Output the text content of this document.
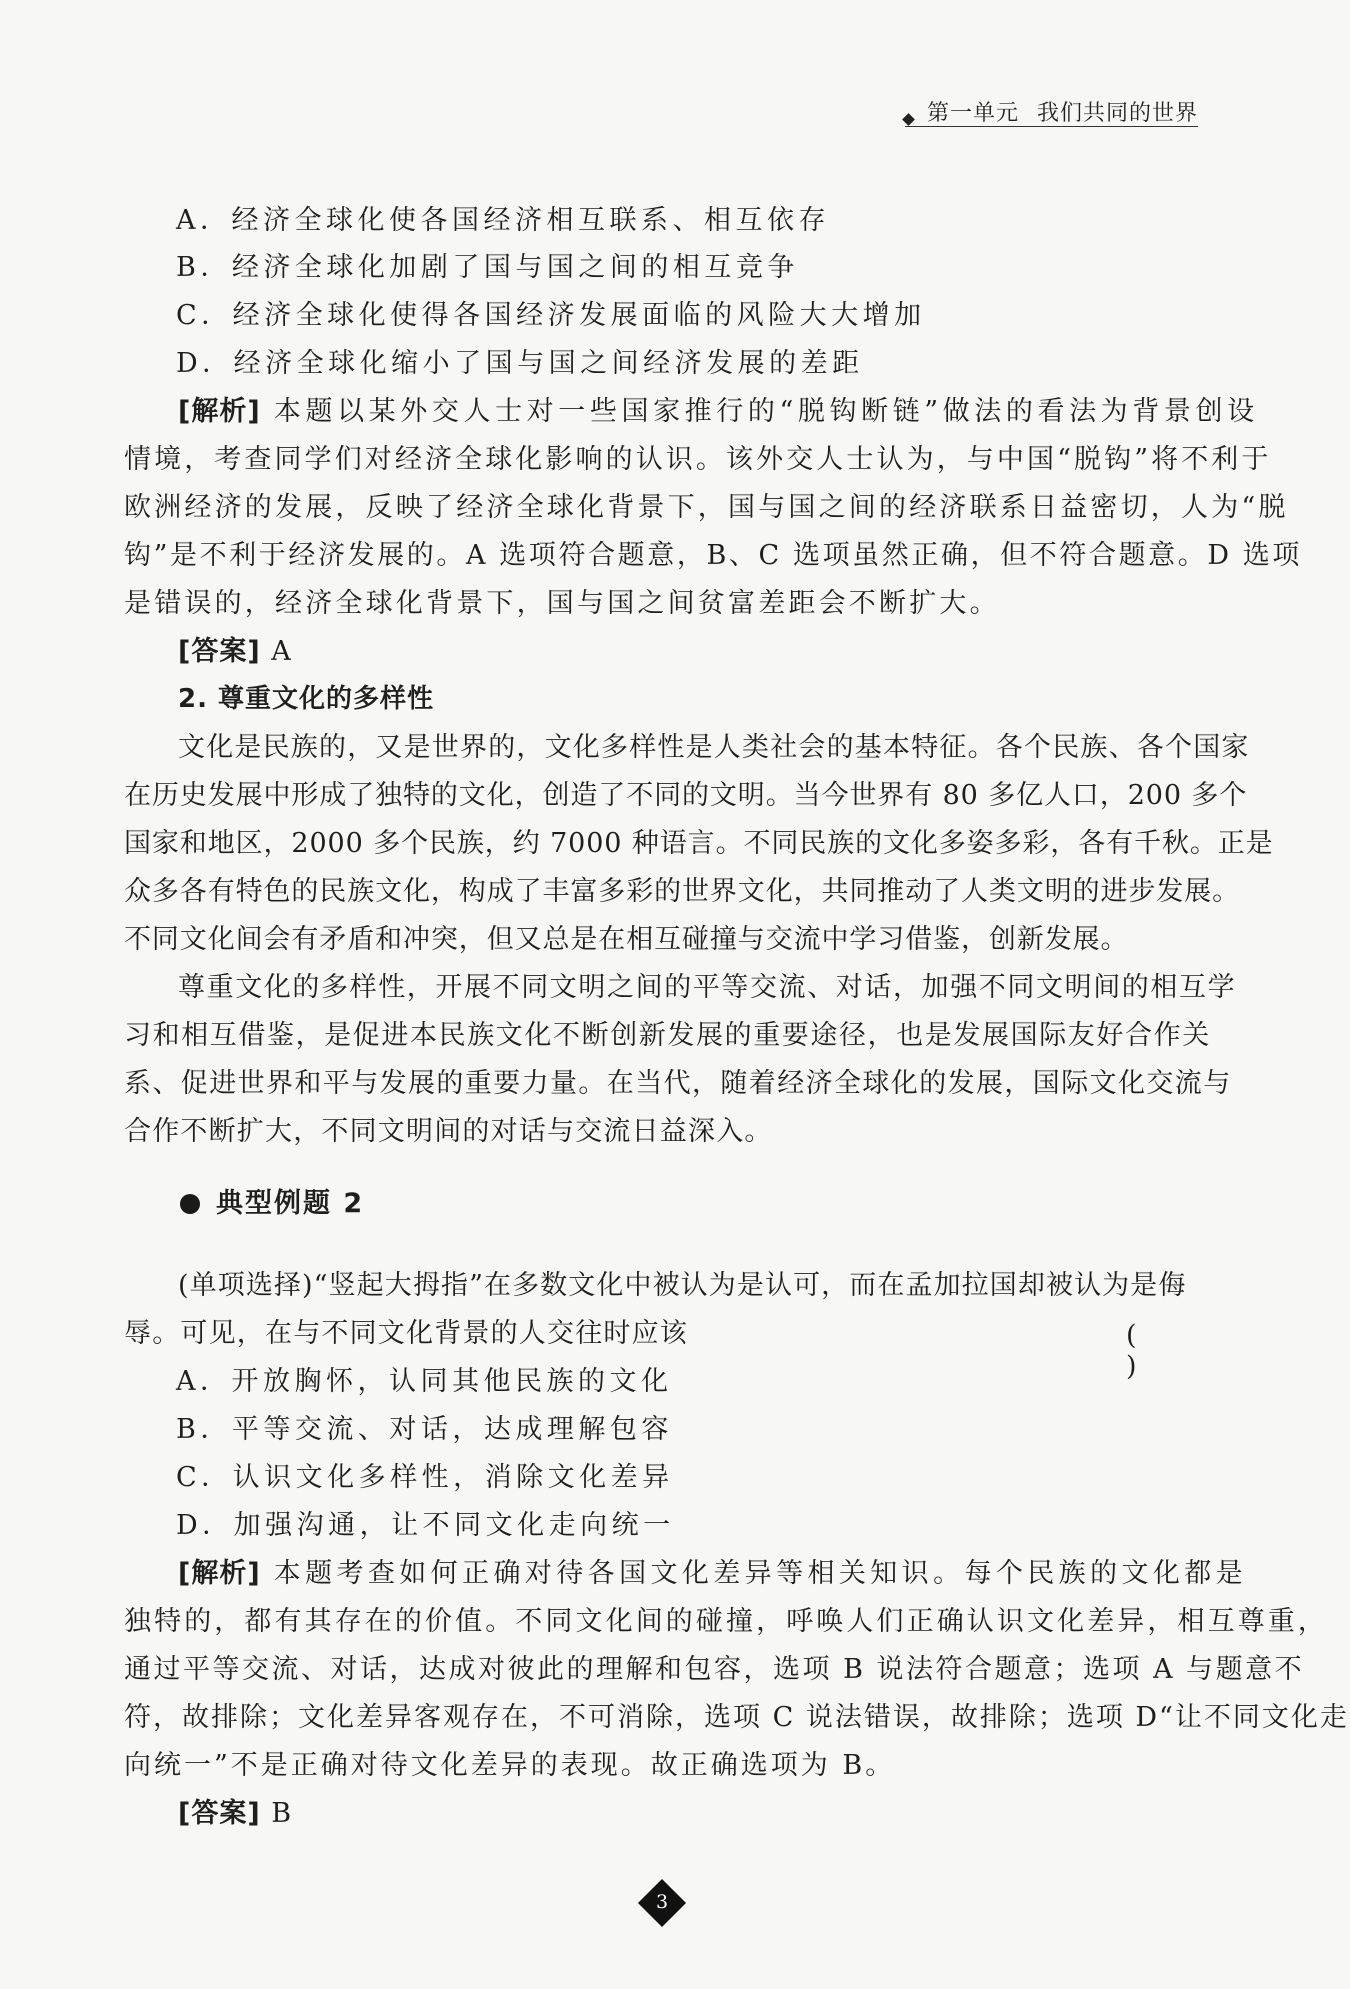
第一单元 我们共同的世界
A．经济全球化使各国经济相互联系、相互依存
B．经济全球化加剧了国与国之间的相互竞争
C．经济全球化使得各国经济发展面临的风险大大增加
D．经济全球化缩小了国与国之间经济发展的差距
[解析] 本题以某外交人士对一些国家推行的“脱钩断链”做法的看法为背景创设
情境，考查同学们对经济全球化影响的认识。该外交人士认为，与中国“脱钩”将不利于
欧洲经济的发展，反映了经济全球化背景下，国与国之间的经济联系日益密切，人为“脱
钩”是不利于经济发展的。A 选项符合题意，B、C 选项虽然正确，但不符合题意。D 选项
是错误的，经济全球化背景下，国与国之间贫富差距会不断扩大。
[答案] A
2. 尊重文化的多样性
文化是民族的，又是世界的，文化多样性是人类社会的基本特征。各个民族、各个国家
在历史发展中形成了独特的文化，创造了不同的文明。当今世界有 80 多亿人口，200 多个
国家和地区，2000 多个民族，约 7000 种语言。不同民族的文化多姿多彩，各有千秋。正是
众多各有特色的民族文化，构成了丰富多彩的世界文化，共同推动了人类文明的进步发展。
不同文化间会有矛盾和冲突，但又总是在相互碰撞与交流中学习借鉴，创新发展。
尊重文化的多样性，开展不同文明之间的平等交流、对话，加强不同文明间的相互学
习和相互借鉴，是促进本民族文化不断创新发展的重要途径，也是发展国际友好合作关
系、促进世界和平与发展的重要力量。在当代，随着经济全球化的发展，国际文化交流与
合作不断扩大，不同文明间的对话与交流日益深入。
典型例题 2
(单项选择)“竖起大拇指”在多数文化中被认为是认可，而在孟加拉国却被认为是侮
辱。可见，在与不同文化背景的人交往时应该	( )
A．开放胸怀，认同其他民族的文化
B．平等交流、对话，达成理解包容
C．认识文化多样性，消除文化差异
D．加强沟通，让不同文化走向统一
[解析] 本题考查如何正确对待各国文化差异等相关知识。每个民族的文化都是
独特的，都有其存在的价值。不同文化间的碰撞，呼唤人们正确认识文化差异，相互尊重，
通过平等交流、对话，达成对彼此的理解和包容，选项 B 说法符合题意；选项 A 与题意不
符，故排除；文化差异客观存在，不可消除，选项 C 说法错误，故排除；选项 D“让不同文化走
向统一”不是正确对待文化差异的表现。故正确选项为 B。
[答案] B
3
